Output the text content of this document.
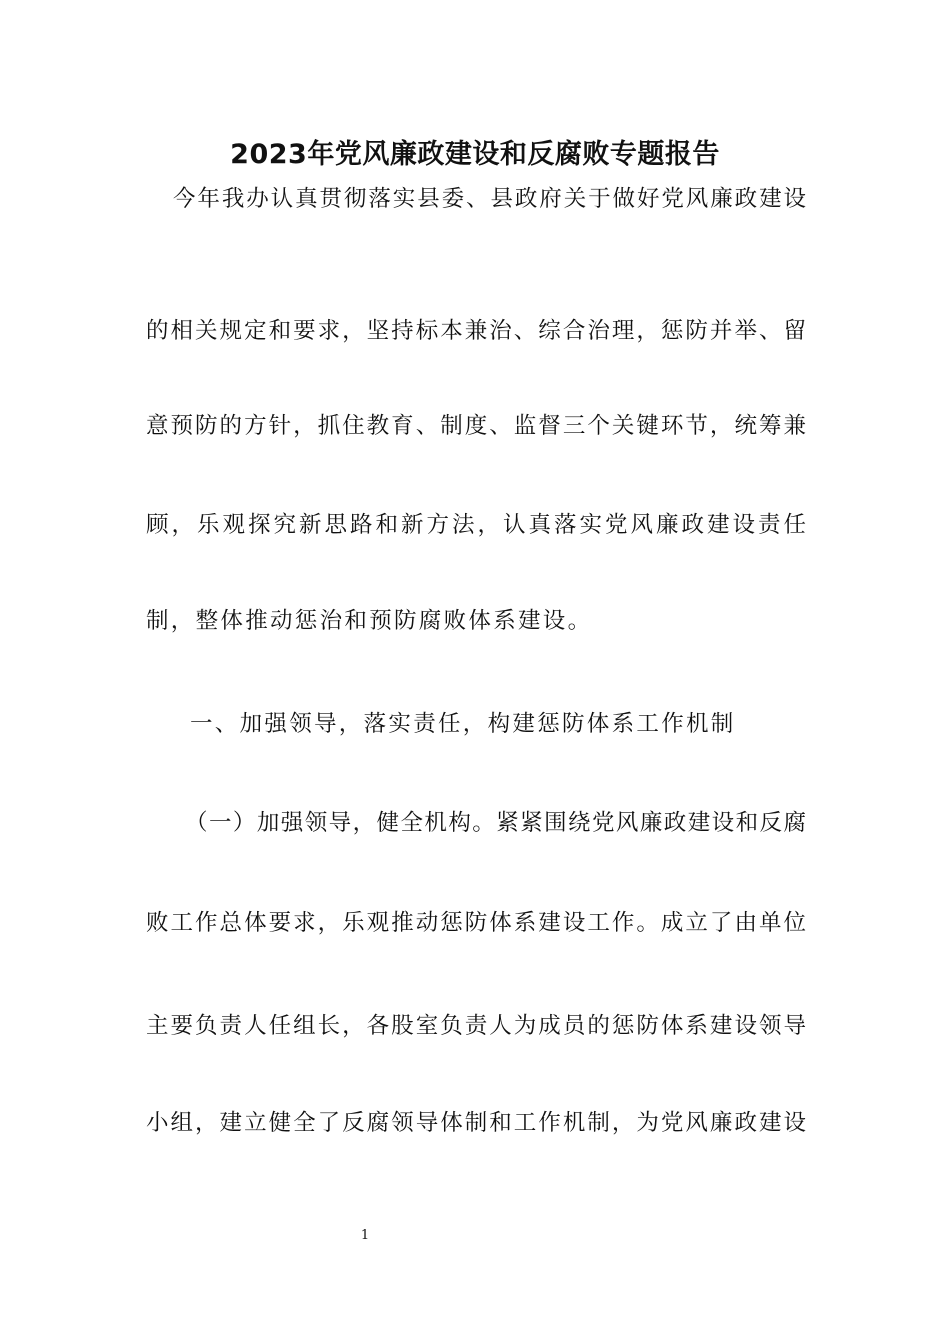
2023年党风廉政建设和反腐败专题报告
今年我办认真贯彻落实县委、县政府关于做好党风廉政建设
的相关规定和要求，坚持标本兼治、综合治理，惩防并举、留
意预防的方针，抓住教育、制度、监督三个关键环节，统筹兼
顾，乐观探究新思路和新方法，认真落实党风廉政建设责任
制，整体推动惩治和预防腐败体系建设。
一、加强领导，落实责任，构建惩防体系工作机制
（一）加强领导，健全机构。紧紧围绕党风廉政建设和反腐
败工作总体要求，乐观推动惩防体系建设工作。成立了由单位
主要负责人任组长，各股室负责人为成员的惩防体系建设领导
小组，建立健全了反腐领导体制和工作机制，为党风廉政建设
1
